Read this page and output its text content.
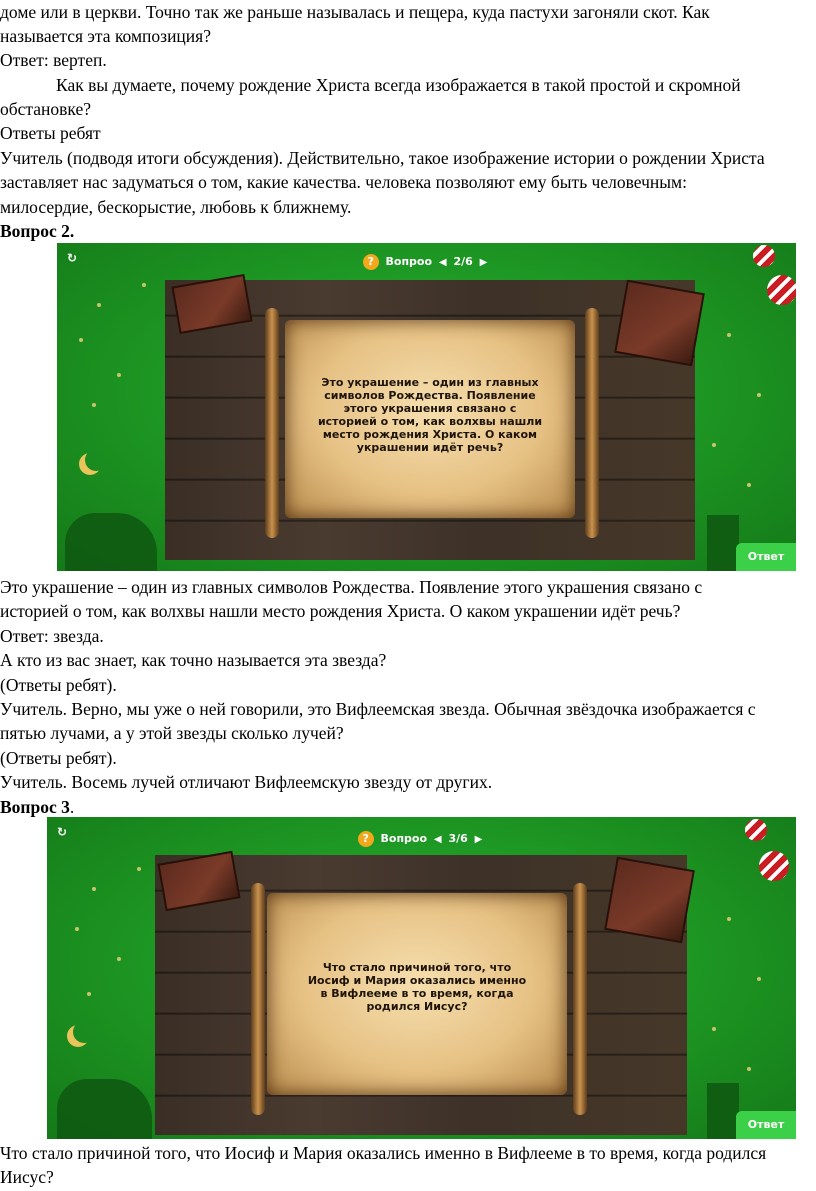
доме или в церкви. Точно так же раньше называлась и пещера, куда пастухи загоняли скот. Как
называется эта композиция?
Ответ: вертеп.
Как вы думаете, почему рождение Христа всегда изображается в такой простой и скромной
обстановке?
Ответы ребят
Учитель (подводя итоги обсуждения). Действительно, такое изображение истории о рождении Христа
заставляет нас задуматься о том, какие качества. человека позволяют ему быть человечным:
милосердие, бескорыстие, любовь к ближнему.
Вопрос 2.
Это украшение – один из главных символов Рождества. Появление этого украшения связано с историей о том, как волхвы нашли место рождения Христа. О каком украшении идёт речь?
↻	? Вопроо ◀ 2/6 ▶
Ответ
Это украшение – один из главных символов Рождества. Появление этого украшения связано с
историей о том, как волхвы нашли место рождения Христа. О каком украшении идёт речь?
Ответ: звезда.
А кто из вас знает, как точно называется эта звезда?
(Ответы ребят).
Учитель. Верно, мы уже о ней говорили, это Вифлеемская звезда. Обычная звёздочка изображается с
пятью лучами, а у этой звезды сколько лучей?
(Ответы ребят).
Учитель. Восемь лучей отличают Вифлеемскую звезду от других.
Вопрос 3.
Что стало причиной того, что Иосиф и Мария оказались именно в Вифлееме в то время, когда родился Иисус?
↻	? Вопроо ◀ 3/6 ▶
Ответ
Что стало причиной того, что Иосиф и Мария оказались именно в Вифлееме в то время, когда родился
Иисус?
